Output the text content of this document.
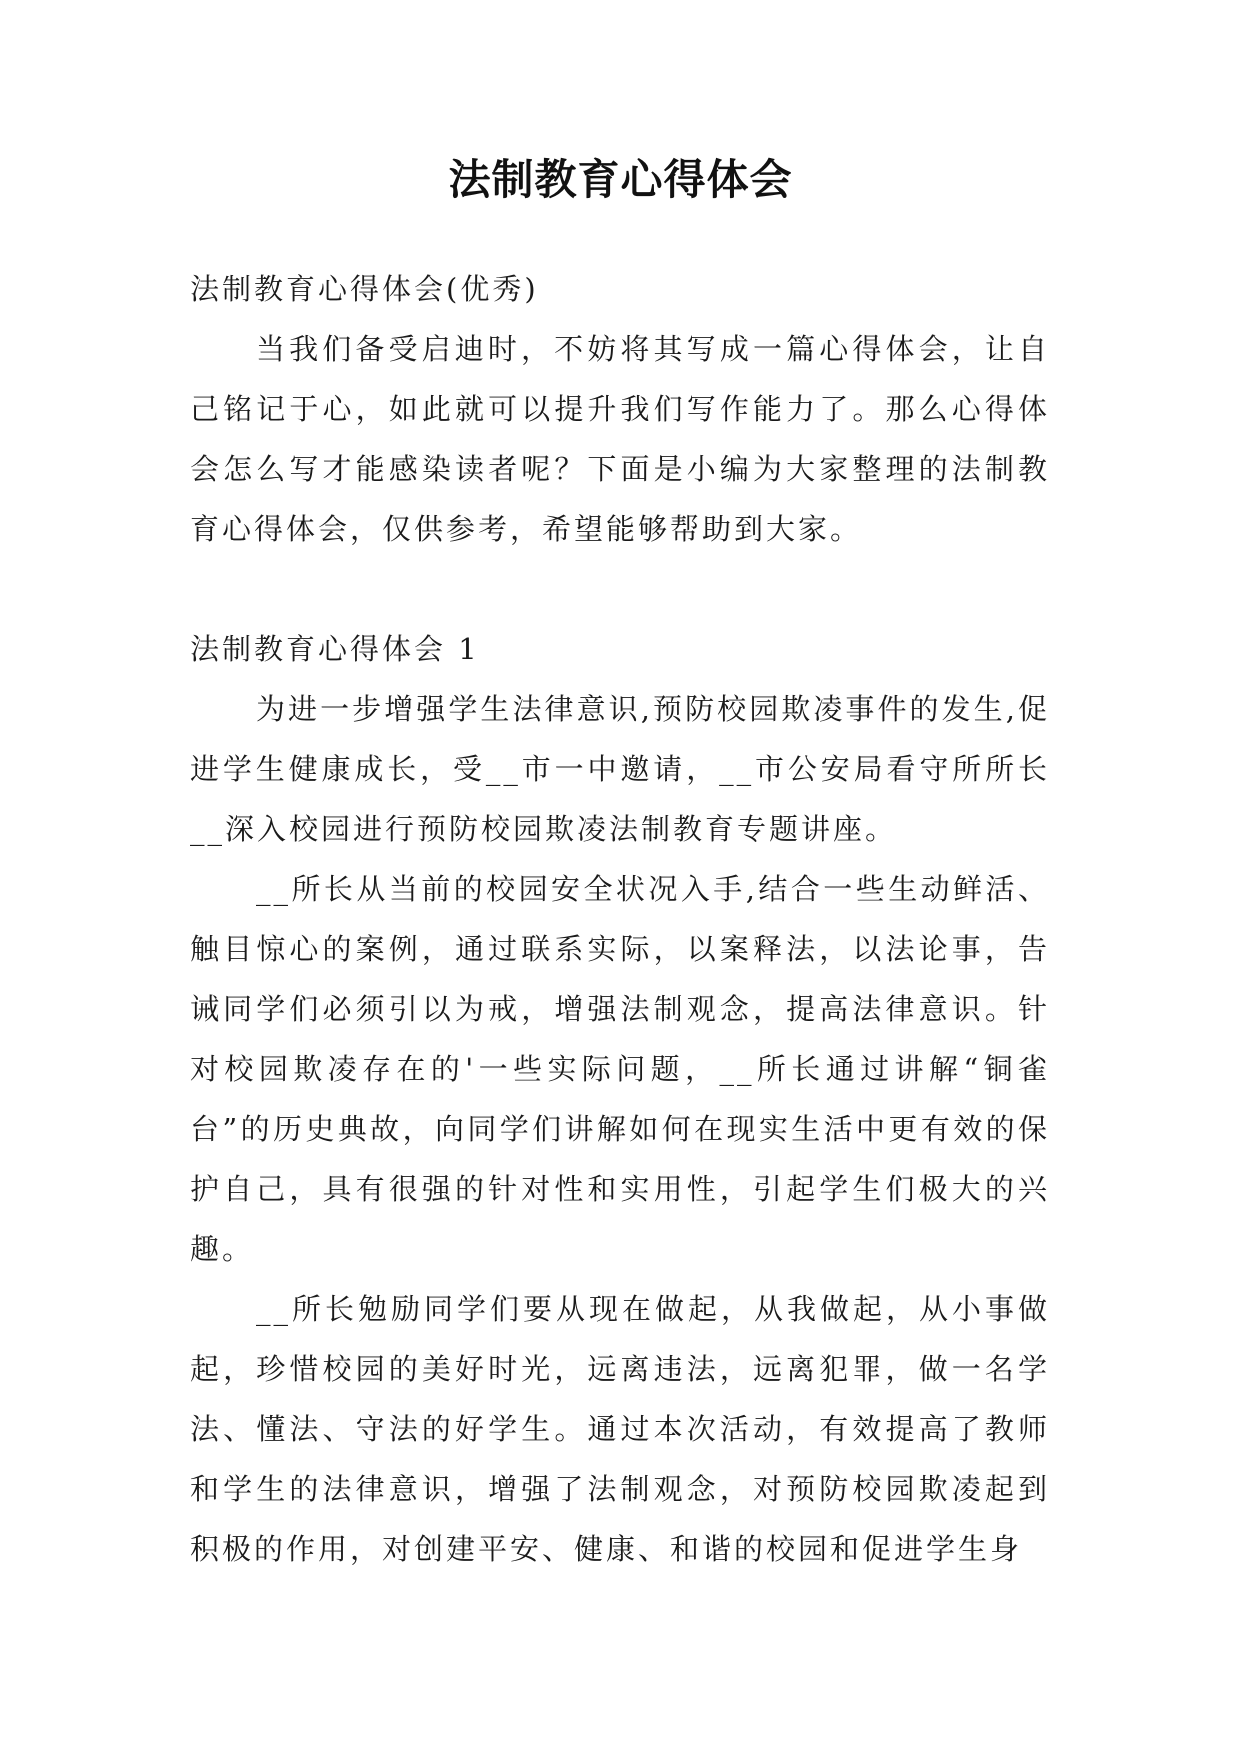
法制教育心得体会

法制教育心得体会(优秀)

当我们备受启迪时，不妨将其写成一篇心得体会，让自己铭记于心，如此就可以提升我们写作能力了。那么心得体会怎么写才能感染读者呢？下面是小编为大家整理的法制教育心得体会，仅供参考，希望能够帮助到大家。

法制教育心得体会 1

为进一步增强学生法律意识,预防校园欺凌事件的发生,促进学生健康成长，受__市一中邀请，__市公安局看守所所长__深入校园进行预防校园欺凌法制教育专题讲座。

__所长从当前的校园安全状况入手,结合一些生动鲜活、触目惊心的案例，通过联系实际，以案释法，以法论事，告诫同学们必须引以为戒，增强法制观念，提高法律意识。针对校园欺凌存在的'一些实际问题，__所长通过讲解“铜雀台”的历史典故，向同学们讲解如何在现实生活中更有效的保护自己，具有很强的针对性和实用性，引起学生们极大的兴趣。

__所长勉励同学们要从现在做起，从我做起，从小事做起，珍惜校园的美好时光，远离违法，远离犯罪，做一名学法、懂法、守法的好学生。通过本次活动，有效提高了教师和学生的法律意识，增强了法制观念，对预防校园欺凌起到积极的作用，对创建平安、健康、和谐的校园和促进学生身
